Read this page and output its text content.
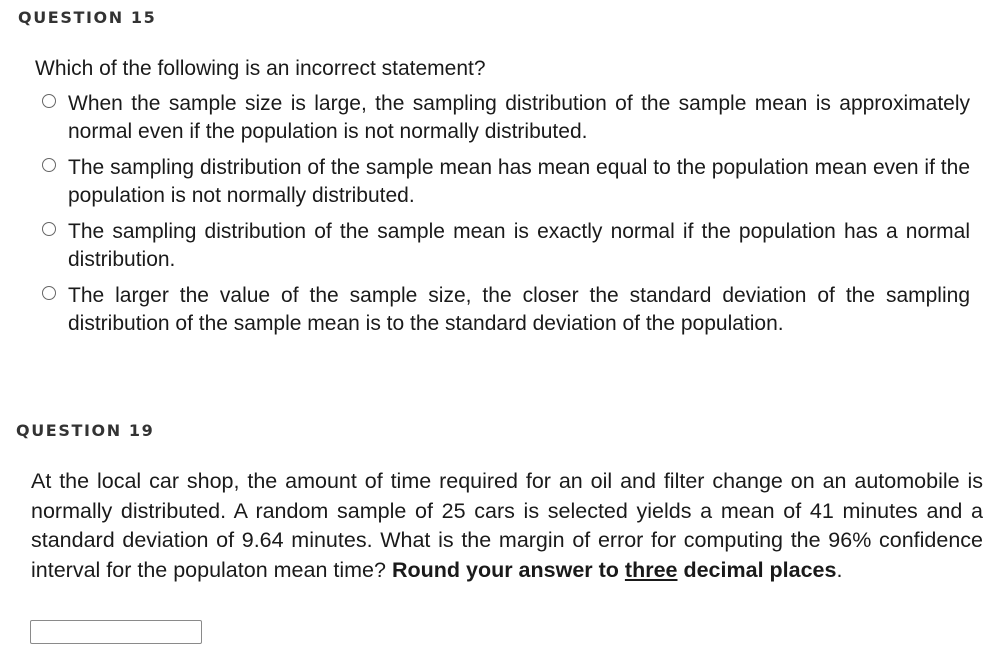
QUESTION 15
Which of the following is an incorrect statement?
When the sample size is large, the sampling distribution of the sample mean is approximately normal even if the population is not normally distributed.
The sampling distribution of the sample mean has mean equal to the population mean even if the population is not normally distributed.
The sampling distribution of the sample mean is exactly normal if the population has a normal distribution.
The larger the value of the sample size, the closer the standard deviation of the sampling distribution of the sample mean is to the standard deviation of the population.
QUESTION 19
At the local car shop, the amount of time required for an oil and filter change on an automobile is normally distributed. A random sample of 25 cars is selected yields a mean of 41 minutes and a standard deviation of 9.64 minutes. What is the margin of error for computing the 96% confidence interval for the populaton mean time? Round your answer to three decimal places.
